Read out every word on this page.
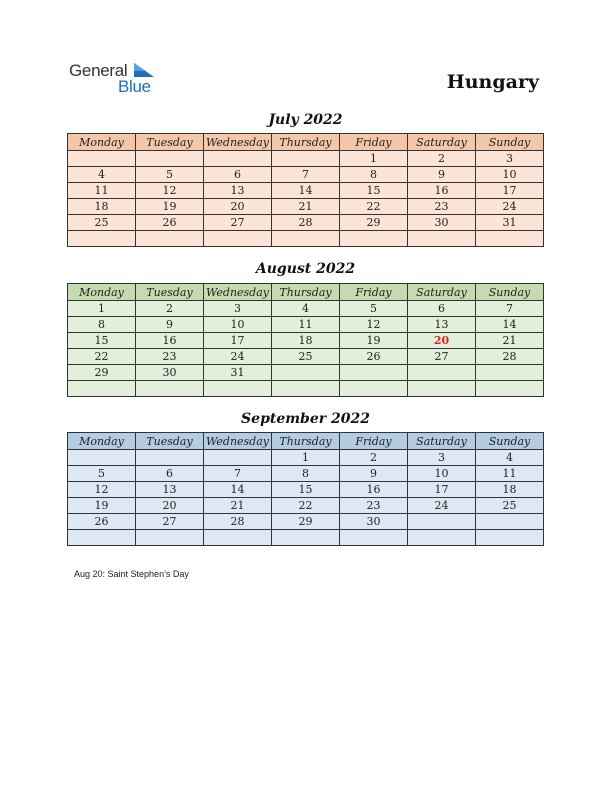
General
Blue	Hungary
July 2022
Monday	Tuesday	Wednesday	Thursday	Friday	Saturday	Sunday
				1	2	3
4	5	6	7	8	9	10
11	12	13	14	15	16	17
18	19	20	21	22	23	24
25	26	27	28	29	30	31

August 2022
Monday	Tuesday	Wednesday	Thursday	Friday	Saturday	Sunday
1	2	3	4	5	6	7
8	9	10	11	12	13	14
15	16	17	18	19	20	21
22	23	24	25	26	27	28
29	30	31				

September 2022
Monday	Tuesday	Wednesday	Thursday	Friday	Saturday	Sunday
			1	2	3	4
5	6	7	8	9	10	11
12	13	14	15	16	17	18
19	20	21	22	23	24	25
26	27	28	29	30		

Aug 20: Saint Stephen’s Day
